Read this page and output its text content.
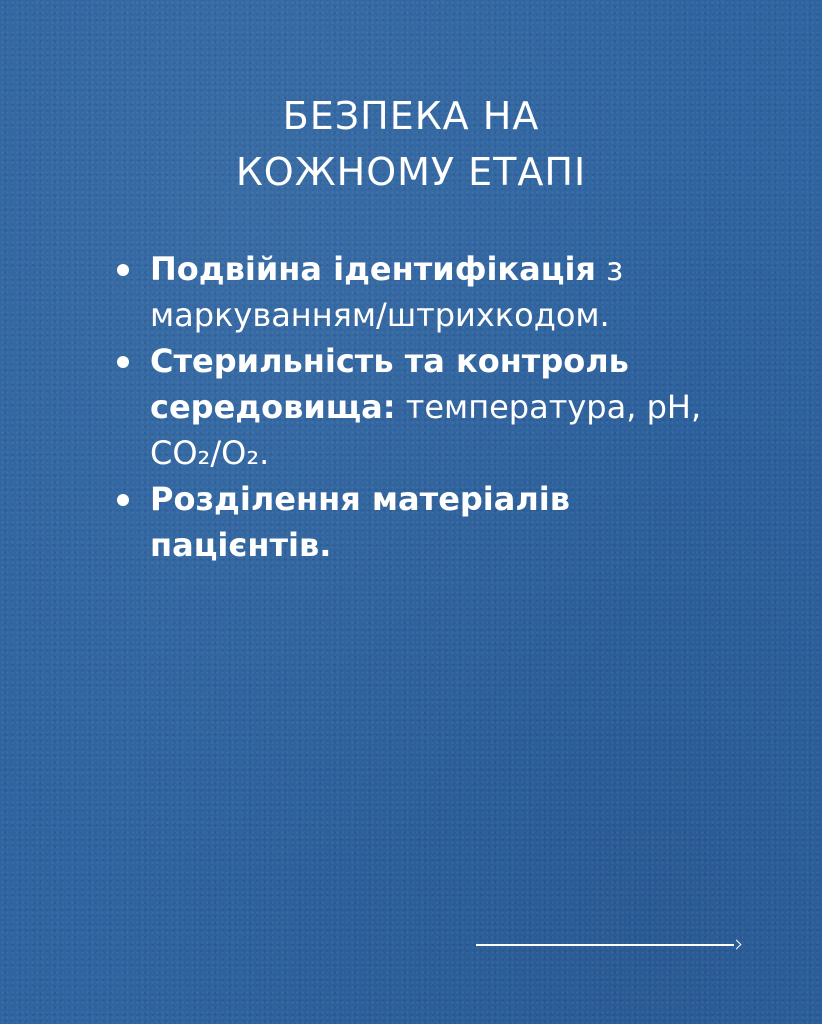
БЕЗПЕКА НА
КОЖНОМУ ЕТАПІ
Подвійна ідентифікація з маркуванням/штрихкодом.
Стерильність та контроль середовища: температура, pH, CO₂/O₂.
Розділення матеріалів пацієнтів.
